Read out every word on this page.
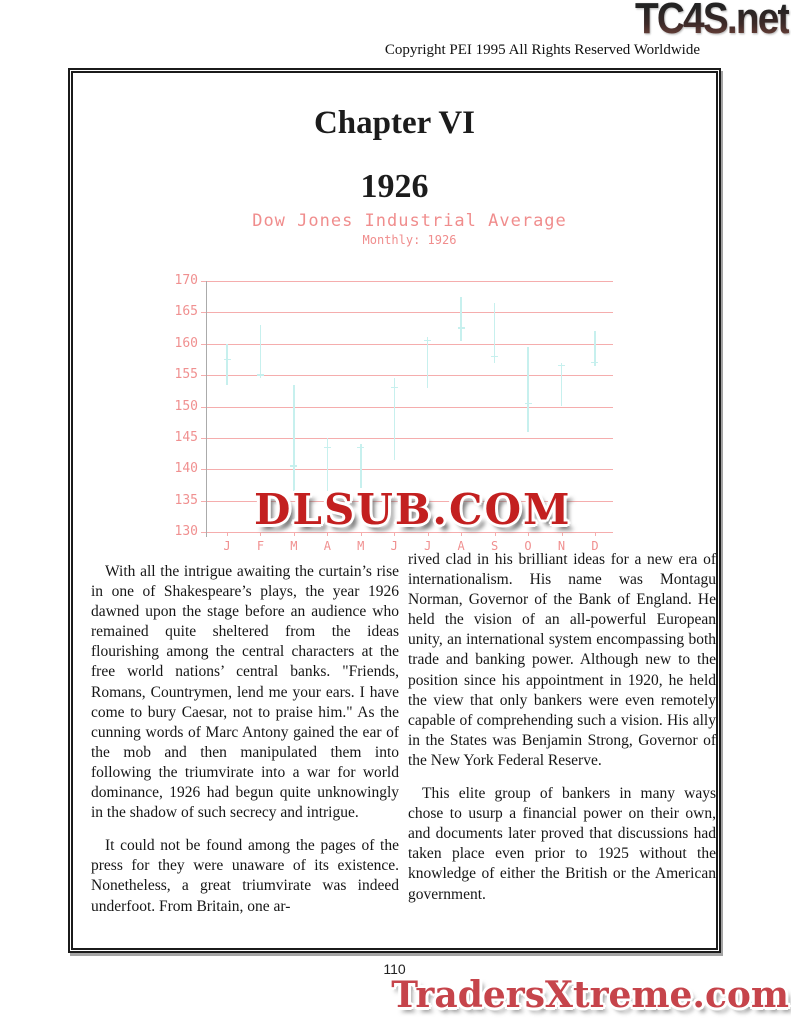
TC4S.net
Copyright PEI 1995 All Rights Reserved Worldwide
Chapter VI
1926
Dow Jones Industrial Average
Monthly: 1926
130
135
140
145
150
155
160
165
170
J	F	M	A	M	J	J	A	S	O	N	D
DLSUB.COM

With all the intrigue awaiting the curtain’s rise in one of Shakespeare’s plays, the year 1926 dawned upon the stage before an audience who remained quite sheltered from the ideas flourishing among the central characters at the free world nations’ central banks. "Friends, Romans, Countrymen, lend me your ears. I have come to bury Caesar, not to praise him." As the cunning words of Marc Antony gained the ear of the mob and then manipulated them into following the triumvirate into a war for world dominance, 1926 had begun quite unknowingly in the shadow of such secrecy and intrigue.

It could not be found among the pages of the press for they were unaware of its existence. Nonetheless, a great triumvirate was indeed underfoot. From Britain, one ar-

rived clad in his brilliant ideas for a new era of internationalism. His name was Montagu Norman, Governor of the Bank of England. He held the vision of an all-powerful European unity, an international system encompassing both trade and banking power. Although new to the position since his appointment in 1920, he held the view that only bankers were even remotely capable of comprehending such a vision. His ally in the States was Benjamin Strong, Governor of the New York Federal Reserve.

This elite group of bankers in many ways chose to usurp a financial power on their own, and documents later proved that discussions had taken place even prior to 1925 without the knowledge of either the British or the American government.

110
TradersXtreme.com
